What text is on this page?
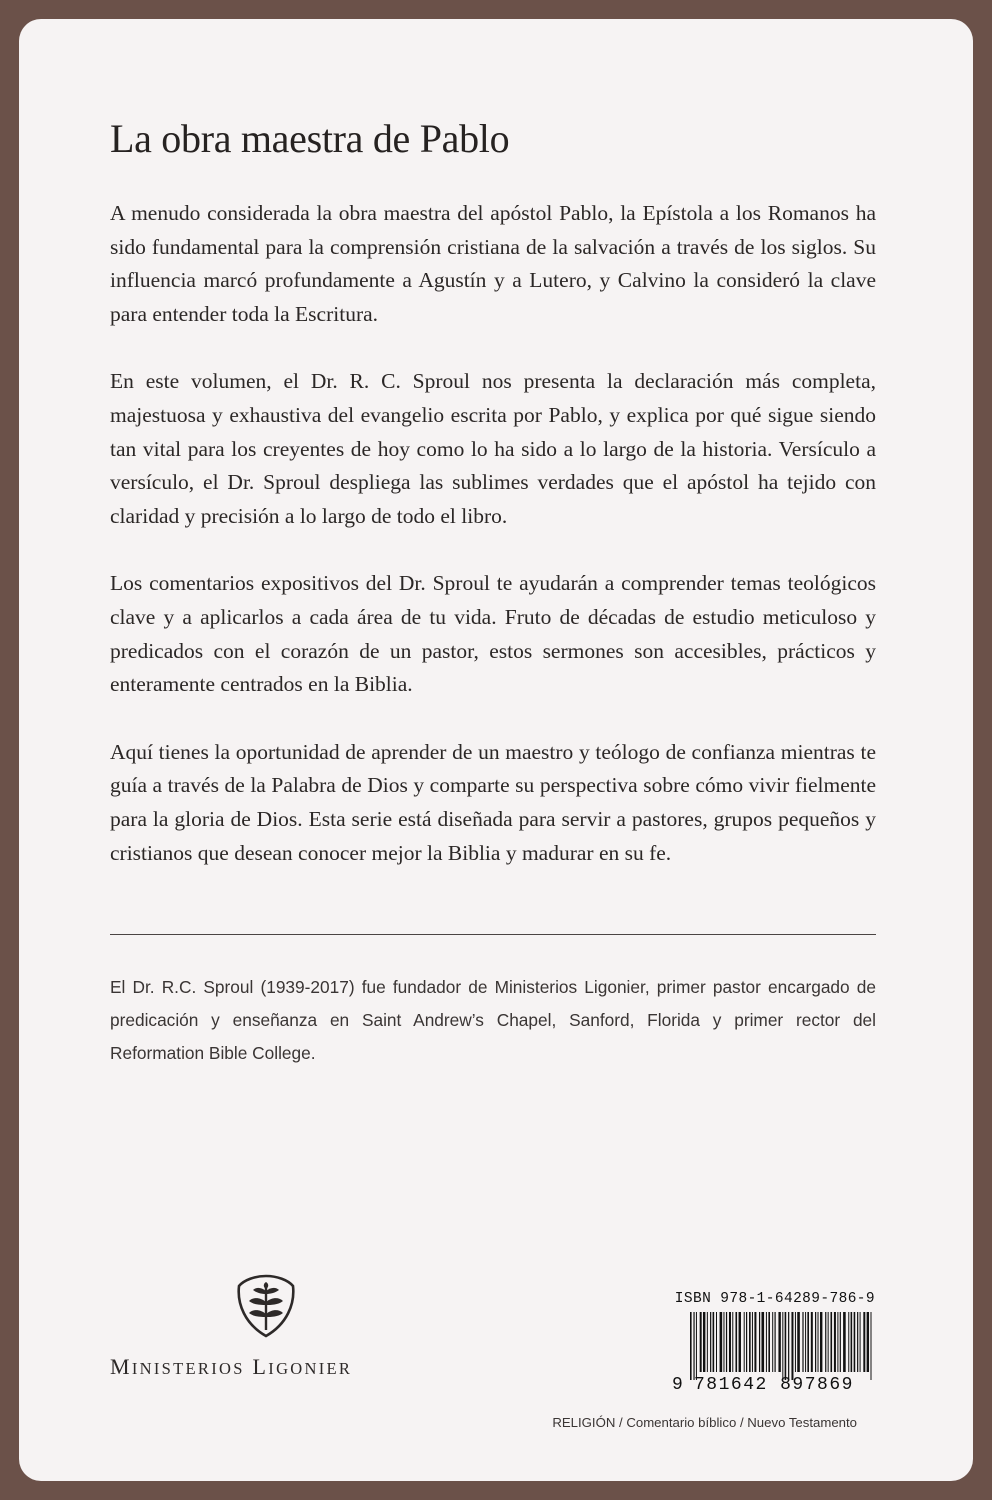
La obra maestra de Pablo

A menudo considerada la obra maestra del apóstol Pablo, la Epístola a los Romanos ha sido fundamental para la comprensión cristiana de la salvación a través de los siglos. Su influencia marcó profundamente a Agustín y a Lutero, y Calvino la consideró la clave para entender toda la Escritura.

En este volumen, el Dr. R. C. Sproul nos presenta la declaración más completa, majestuosa y exhaustiva del evangelio escrita por Pablo, y explica por qué sigue siendo tan vital para los creyentes de hoy como lo ha sido a lo largo de la historia. Versículo a versículo, el Dr. Sproul despliega las sublimes verdades que el apóstol ha tejido con claridad y precisión a lo largo de todo el libro.

Los comentarios expositivos del Dr. Sproul te ayudarán a comprender temas teológicos clave y a aplicarlos a cada área de tu vida. Fruto de décadas de estudio meticuloso y predicados con el corazón de un pastor, estos sermones son accesibles, prácticos y enteramente centrados en la Biblia.

Aquí tienes la oportunidad de aprender de un maestro y teólogo de confianza mientras te guía a través de la Palabra de Dios y comparte su perspectiva sobre cómo vivir fielmente para la gloria de Dios. Esta serie está diseñada para servir a pastores, grupos pequeños y cristianos que desean conocer mejor la Biblia y madurar en su fe.

El Dr. R.C. Sproul (1939-2017) fue fundador de Ministerios Ligonier, primer pastor encargado de predicación y enseñanza en Saint Andrew’s Chapel, Sanford, Florida y primer rector del Reformation Bible College.

MINISTERIOS LIGONIER
ISBN 978-1-64289-786-9
9 781642 897869
RELIGIÓN / Comentario bíblico / Nuevo Testamento
